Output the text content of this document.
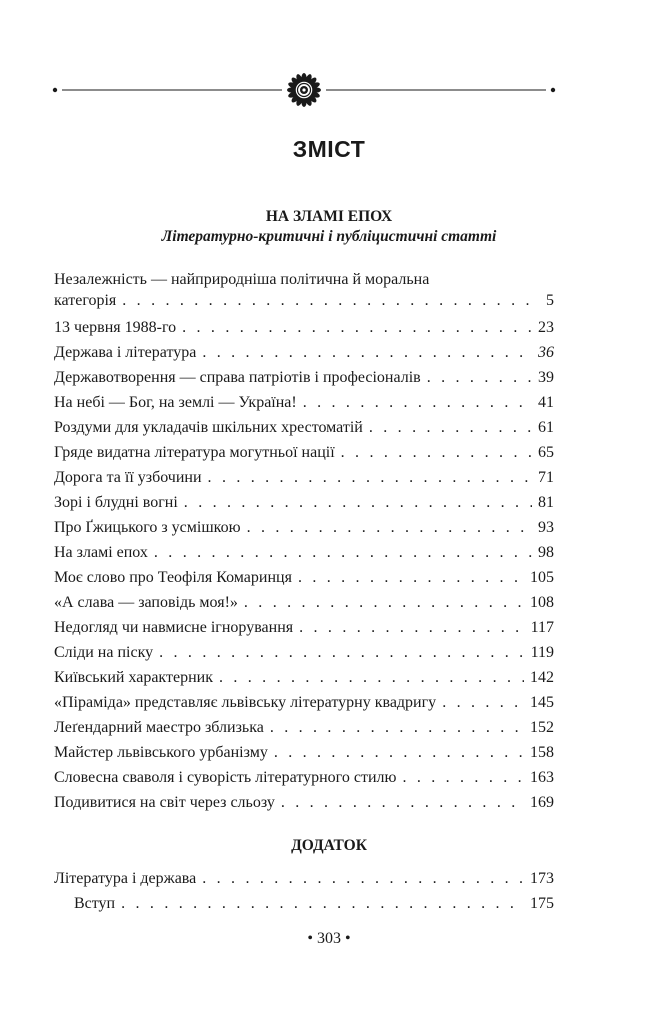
ЗМІСТ
НА ЗЛАМІ ЕПОХ
Літературно-критичні і публіцистичні статті
Незалежність — найприродніша політична й моральна
категорія . . .	5
13 червня 1988-го . . .	23
Держава і література . . .	36
Державотворення — справа патріотів і професіоналів . . .	39
На небі — Бог, на землі — Україна! . . .	41
Роздуми для укладачів шкільних хрестоматій . . .	61
Гряде видатна література могутньої нації . . .	65
Дорога та її узбочини . . .	71
Зорі і блудні вогні . . .	81
Про Ґжицького з усмішкою . . .	93
На зламі епох . . .	98
Моє слово про Теофіля Комаринця . . .	105
«А слава — заповідь моя!» . . .	108
Недогляд чи навмисне ігнорування . . .	117
Сліди на піску . . .	119
Київський характерник . . .	142
«Піраміда» представляє львівську літературну квадригу . . .	145
Леґендарний маестро зблизька . . .	152
Майстер львівського урбанізму . . .	158
Словесна сваволя і суворість літературного стилю . . .	163
Подивитися на світ через сльозу . . .	169
ДОДАТОК
Література і держава . . .	173
Вступ . . .	175
• 303 •
